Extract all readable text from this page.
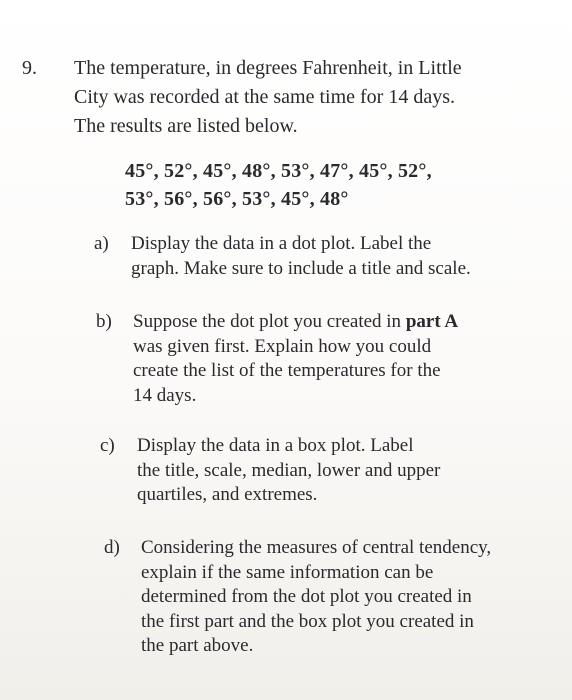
9. The temperature, in degrees Fahrenheit, in Little
City was recorded at the same time for 14 days.
The results are listed below.
45°, 52°, 45°, 48°, 53°, 47°, 45°, 52°,
53°, 56°, 56°, 53°, 45°, 48°
a) Display the data in a dot plot. Label the
graph. Make sure to include a title and scale.
b) Suppose the dot plot you created in part A
was given first. Explain how you could
create the list of the temperatures for the
14 days.
c) Display the data in a box plot. Label
the title, scale, median, lower and upper
quartiles, and extremes.
d) Considering the measures of central tendency,
explain if the same information can be
determined from the dot plot you created in
the first part and the box plot you created in
the part above.
